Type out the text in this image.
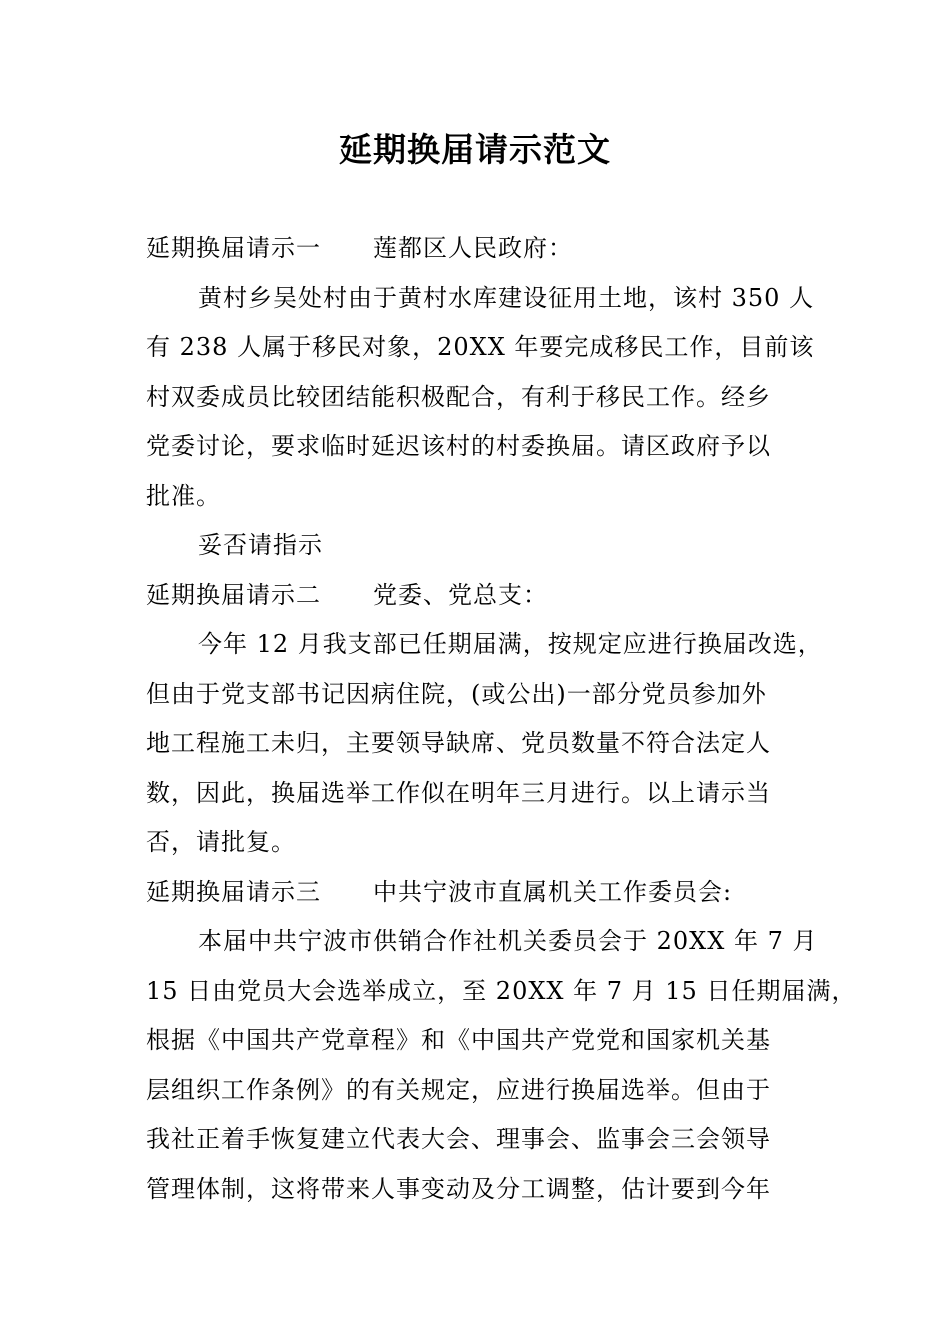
延期换届请示范文
延期换届请示一 莲都区人民政府：
黄村乡吴处村由于黄村水库建设征用土地，该村 350 人
有 238 人属于移民对象，20XX 年要完成移民工作，目前该
村双委成员比较团结能积极配合，有利于移民工作。经乡
党委讨论，要求临时延迟该村的村委换届。请区政府予以
批准。
妥否请指示
延期换届请示二 党委、党总支：
今年 12 月我支部已任期届满，按规定应进行换届改选，
但由于党支部书记因病住院，(或公出)一部分党员参加外
地工程施工未归，主要领导缺席、党员数量不符合法定人
数，因此，换届选举工作似在明年三月进行。以上请示当
否，请批复。
延期换届请示三 中共宁波市直属机关工作委员会:
本届中共宁波市供销合作社机关委员会于 20XX 年 7 月
15 日由党员大会选举成立，至 20XX 年 7 月 15 日任期届满，
根据《中国共产党章程》和《中国共产党党和国家机关基
层组织工作条例》的有关规定，应进行换届选举。但由于
我社正着手恢复建立代表大会、理事会、监事会三会领导
管理体制，这将带来人事变动及分工调整，估计要到今年
